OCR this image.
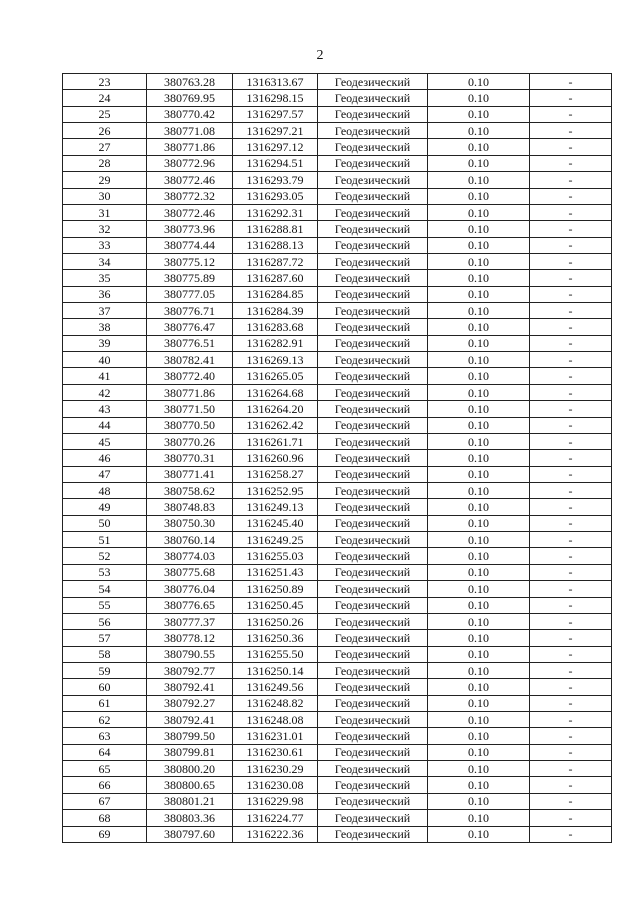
2
23	380763.28	1316313.67	Геодезический	0.10	-
24	380769.95	1316298.15	Геодезический	0.10	-
25	380770.42	1316297.57	Геодезический	0.10	-
26	380771.08	1316297.21	Геодезический	0.10	-
27	380771.86	1316297.12	Геодезический	0.10	-
28	380772.96	1316294.51	Геодезический	0.10	-
29	380772.46	1316293.79	Геодезический	0.10	-
30	380772.32	1316293.05	Геодезический	0.10	-
31	380772.46	1316292.31	Геодезический	0.10	-
32	380773.96	1316288.81	Геодезический	0.10	-
33	380774.44	1316288.13	Геодезический	0.10	-
34	380775.12	1316287.72	Геодезический	0.10	-
35	380775.89	1316287.60	Геодезический	0.10	-
36	380777.05	1316284.85	Геодезический	0.10	-
37	380776.71	1316284.39	Геодезический	0.10	-
38	380776.47	1316283.68	Геодезический	0.10	-
39	380776.51	1316282.91	Геодезический	0.10	-
40	380782.41	1316269.13	Геодезический	0.10	-
41	380772.40	1316265.05	Геодезический	0.10	-
42	380771.86	1316264.68	Геодезический	0.10	-
43	380771.50	1316264.20	Геодезический	0.10	-
44	380770.50	1316262.42	Геодезический	0.10	-
45	380770.26	1316261.71	Геодезический	0.10	-
46	380770.31	1316260.96	Геодезический	0.10	-
47	380771.41	1316258.27	Геодезический	0.10	-
48	380758.62	1316252.95	Геодезический	0.10	-
49	380748.83	1316249.13	Геодезический	0.10	-
50	380750.30	1316245.40	Геодезический	0.10	-
51	380760.14	1316249.25	Геодезический	0.10	-
52	380774.03	1316255.03	Геодезический	0.10	-
53	380775.68	1316251.43	Геодезический	0.10	-
54	380776.04	1316250.89	Геодезический	0.10	-
55	380776.65	1316250.45	Геодезический	0.10	-
56	380777.37	1316250.26	Геодезический	0.10	-
57	380778.12	1316250.36	Геодезический	0.10	-
58	380790.55	1316255.50	Геодезический	0.10	-
59	380792.77	1316250.14	Геодезический	0.10	-
60	380792.41	1316249.56	Геодезический	0.10	-
61	380792.27	1316248.82	Геодезический	0.10	-
62	380792.41	1316248.08	Геодезический	0.10	-
63	380799.50	1316231.01	Геодезический	0.10	-
64	380799.81	1316230.61	Геодезический	0.10	-
65	380800.20	1316230.29	Геодезический	0.10	-
66	380800.65	1316230.08	Геодезический	0.10	-
67	380801.21	1316229.98	Геодезический	0.10	-
68	380803.36	1316224.77	Геодезический	0.10	-
69	380797.60	1316222.36	Геодезический	0.10	-
